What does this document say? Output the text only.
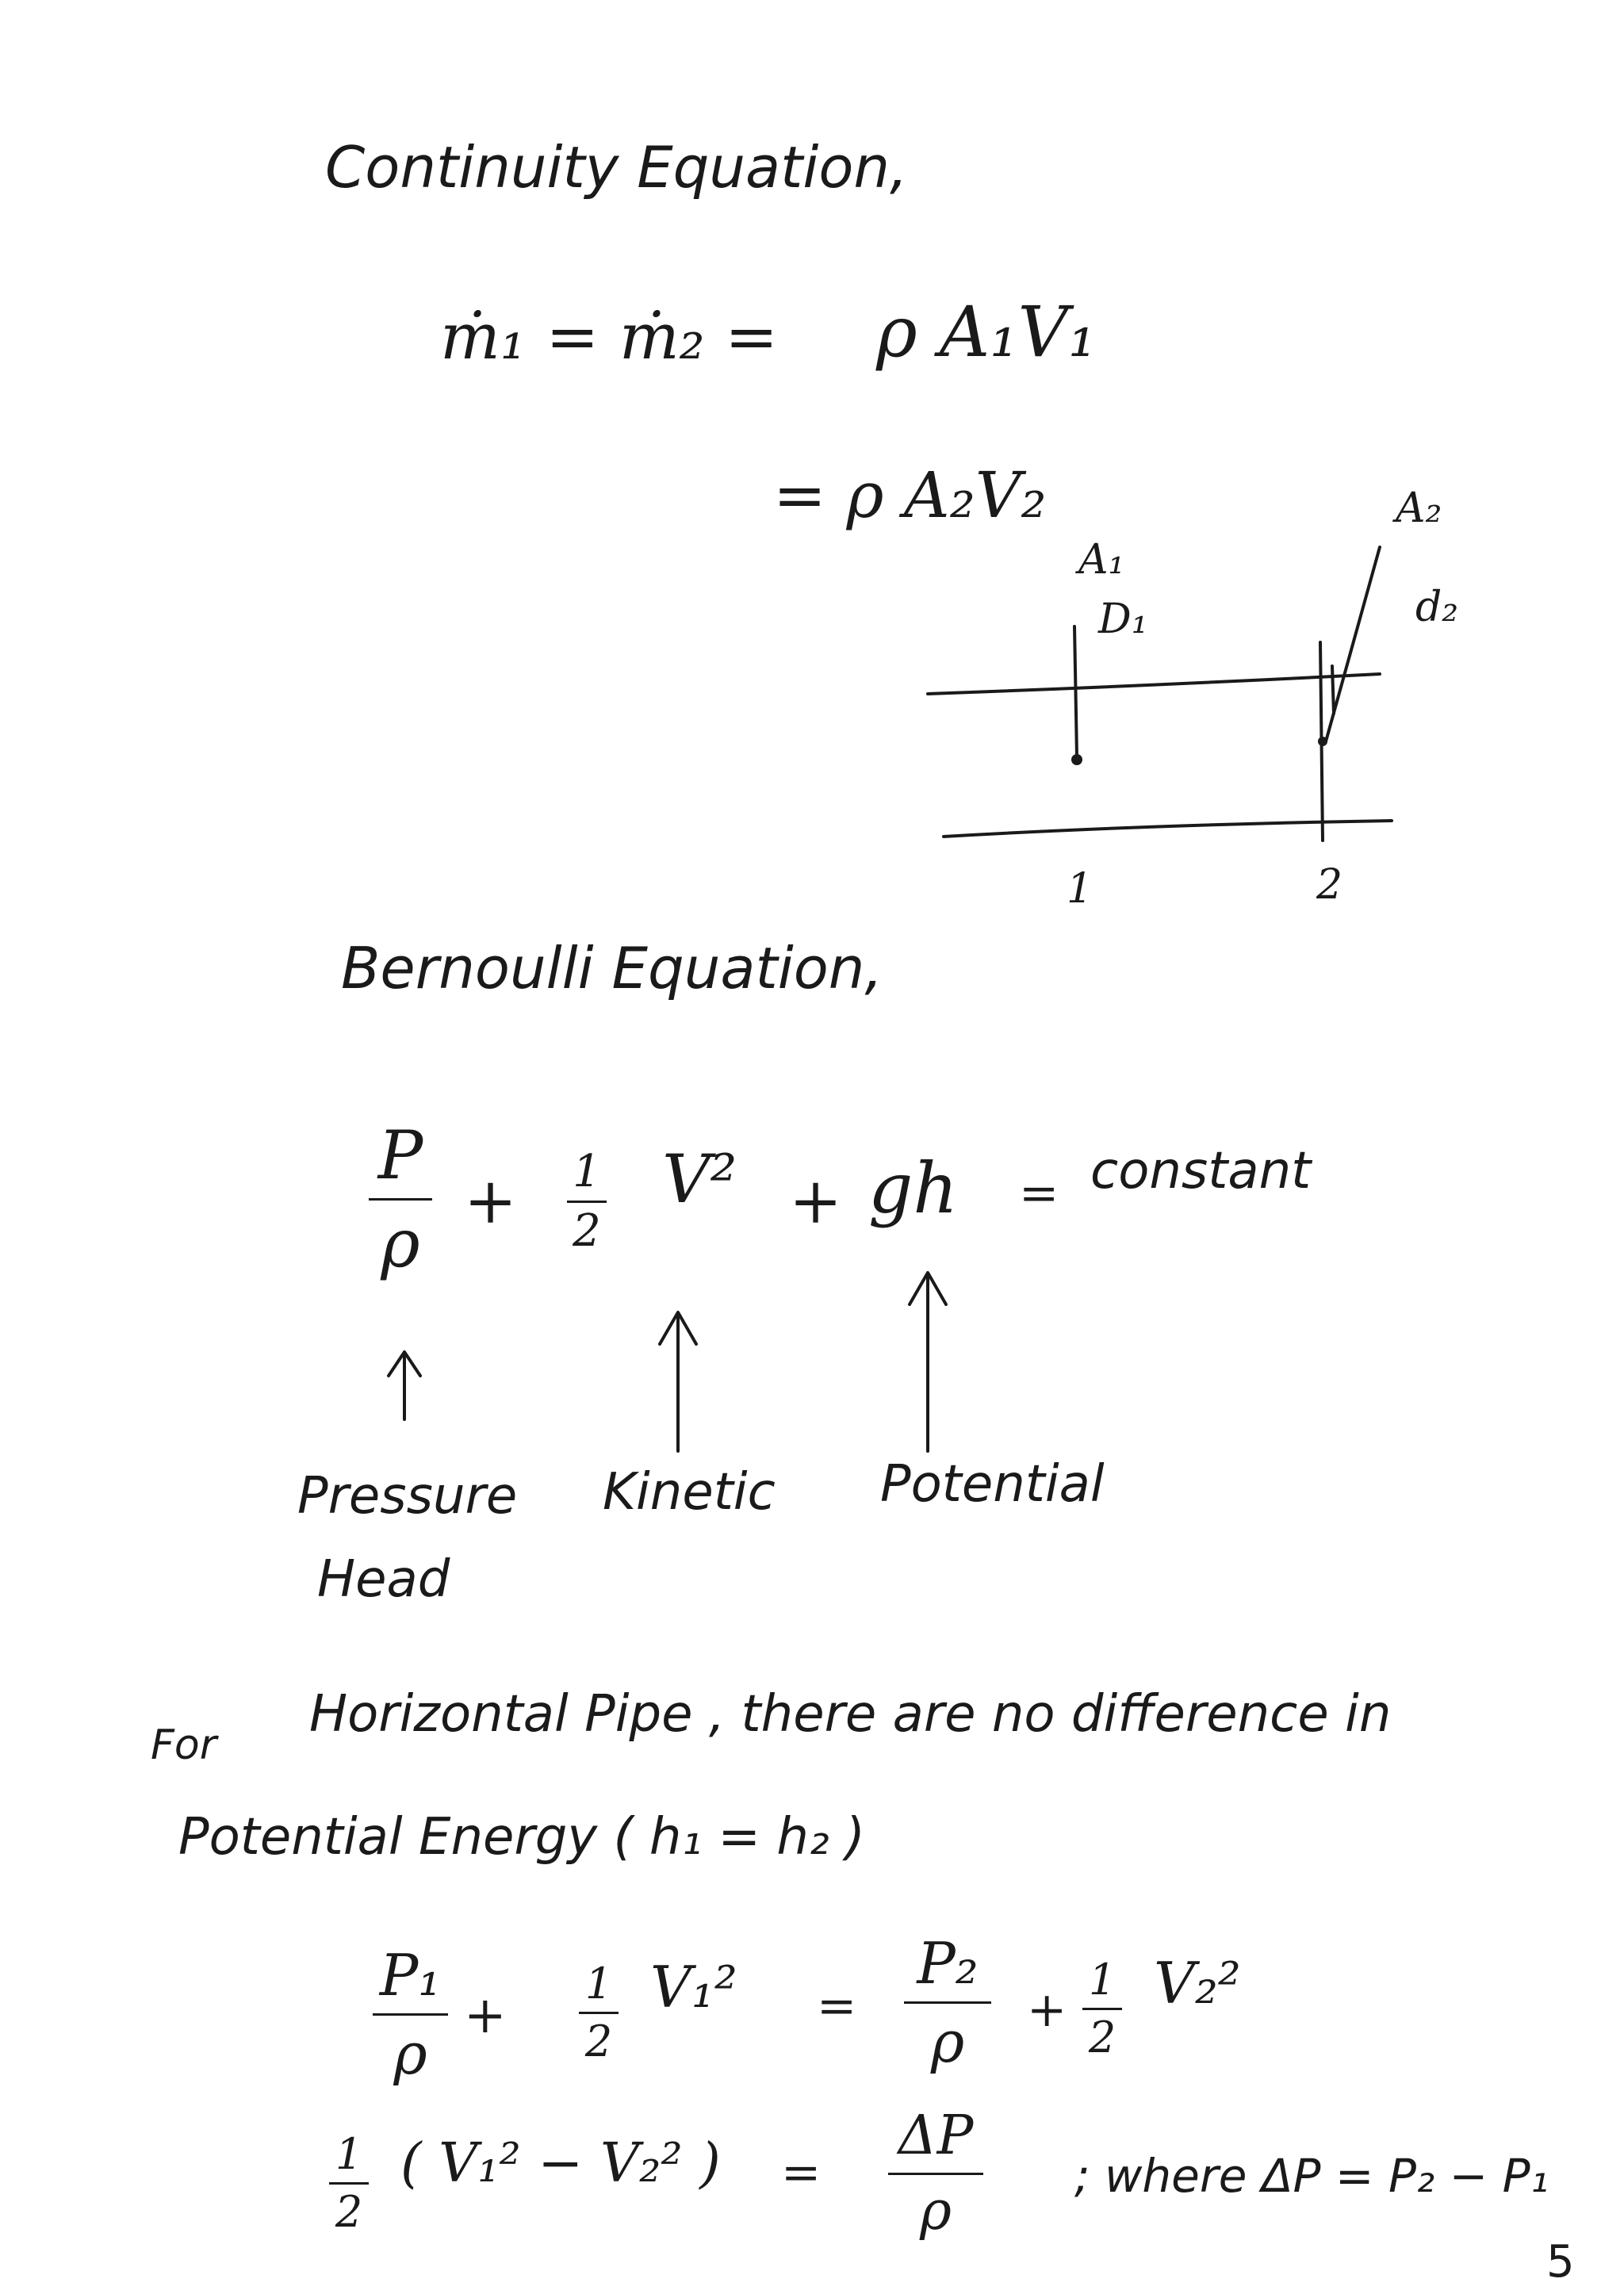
Continuity Equation,
ṁ₁ = ṁ₂ = ρ A₁V₁
= ρ A₂V₂
A₁
D₁
A₂
d₂
1	2
Bernoulli Equation,
P
ρ
+ 1
2
V² + gh = constant
Pressure
Head
Kinetic Potential
For
Horizontal Pipe , there are no difference in
Potential Energy ( h₁ = h₂ )
P₁
ρ
+
1
2
V₁² =
P₂
ρ +
1
2
V₂²
1
2
( V₁² − V₂² ) =
ΔP
ρ
; where ΔP = P₂ − P₁
5
